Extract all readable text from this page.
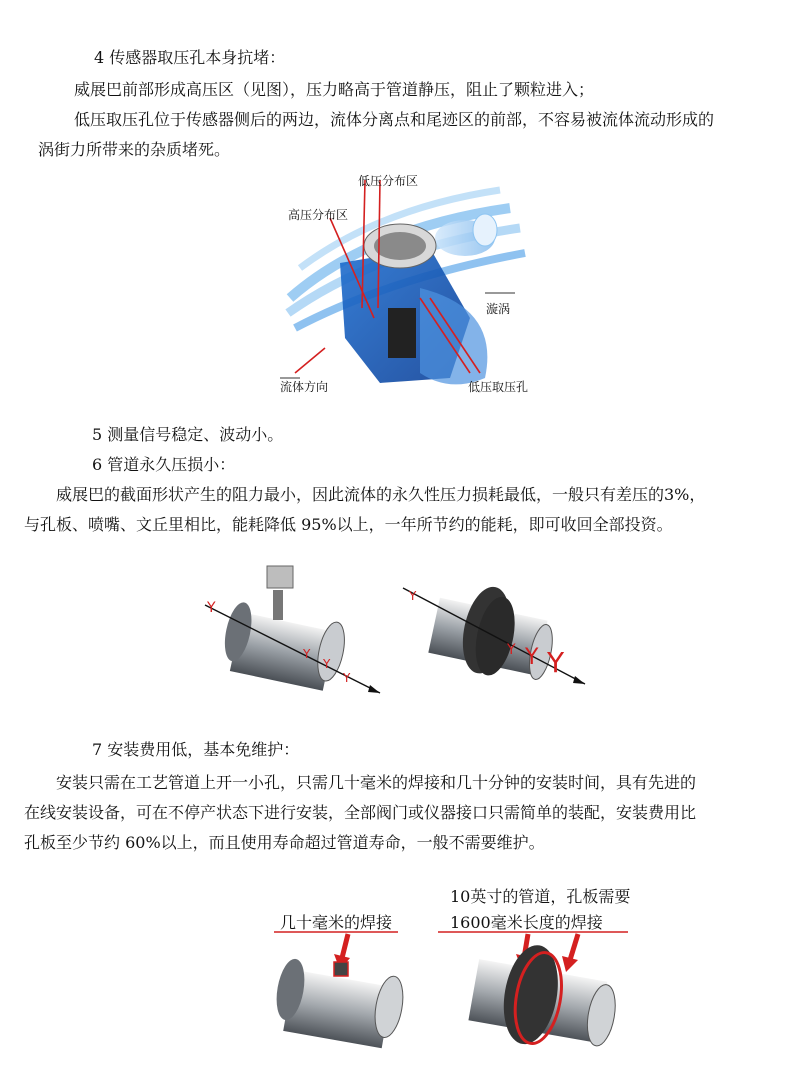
4 传感器取压孔本身抗堵：
威展巴前部形成高压区（见图），压力略高于管道静压，阻止了颗粒进入；
低压取压孔位于传感器侧后的两边，流体分离点和尾迹区的前部，不容易被流体流动形成的
涡街力所带来的杂质堵死。
低压分布区
高压分布区
漩涡
流体方向	低压取压孔
5 测量信号稳定、波动小。
6 管道永久压损小：
威展巴的截面形状产生的阻力最小，因此流体的永久性压力损耗最低，一般只有差压的3%，
与孔板、喷嘴、文丘里相比，能耗降低 95%以上，一年所节约的能耗，即可收回全部投资。
Y
Y
Y
Y
Y
Y Y Y
7 安装费用低，基本免维护：
安装只需在工艺管道上开一小孔，只需几十毫米的焊接和几十分钟的安装时间，具有先进的
在线安装设备，可在不停产状态下进行安装，全部阀门或仪器接口只需简单的装配，安装费用比
孔板至少节约 60%以上，而且使用寿命超过管道寿命，一般不需要维护。
几十毫米的焊接
10英寸的管道，孔板需要
1600毫米长度的焊接
